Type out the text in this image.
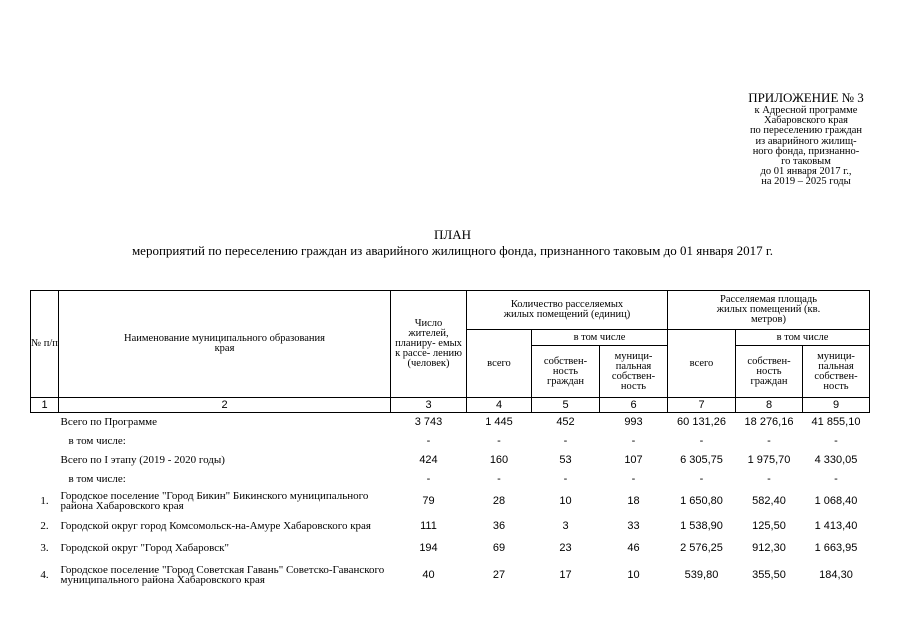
ПРИЛОЖЕНИЕ № 3
к Адресной программе
Хабаровского края
по переселению граждан
из аварийного жилищ-
ного фонда, признанно-
го таковым
до 01 января 2017 г.,
на 2019 – 2025 годы
ПЛАН
мероприятий по переселению граждан из аварийного жилищного фонда, признанного таковым до 01 января 2017 г.
№ п/п	Наименование муниципального образования края	Число жителей, планиру- емых к рассе- лению (человек)	Количество расселяемых жилых помещений (единиц)			Расселяемая площадь жилых помещений (кв. метров)		
			всего	в том числе		всего	в том числе	
				собствен- ность граждан	муници- пальная собствен- ность		собствен- ность граждан	муници- пальная собствен- ность
1	2	3	4	5	6	7	8	9
	Всего по Программе	3 743	1 445	452	993	60 131,26	18 276,16	41 855,10
	в том числе:	-	-	-	-	-	-	-
	Всего по I этапу (2019 - 2020 годы)	424	160	53	107	6 305,75	1 975,70	4 330,05
	в том числе:	-	-	-	-	-	-	-
1.	Городское поселение "Город Бикин" Бикинского муниципального района Хабаровского края	79	28	10	18	1 650,80	582,40	1 068,40
2.	Городской округ город Комсомольск-на-Амуре Хабаровского края	111	36	3	33	1 538,90	125,50	1 413,40
3.	Городской округ "Город Хабаровск"	194	69	23	46	2 576,25	912,30	1 663,95
4.	Городское поселение "Город Советская Гавань" Советско-Гаванского муниципального района Хабаровского края	40	27	17	10	539,80	355,50	184,30
